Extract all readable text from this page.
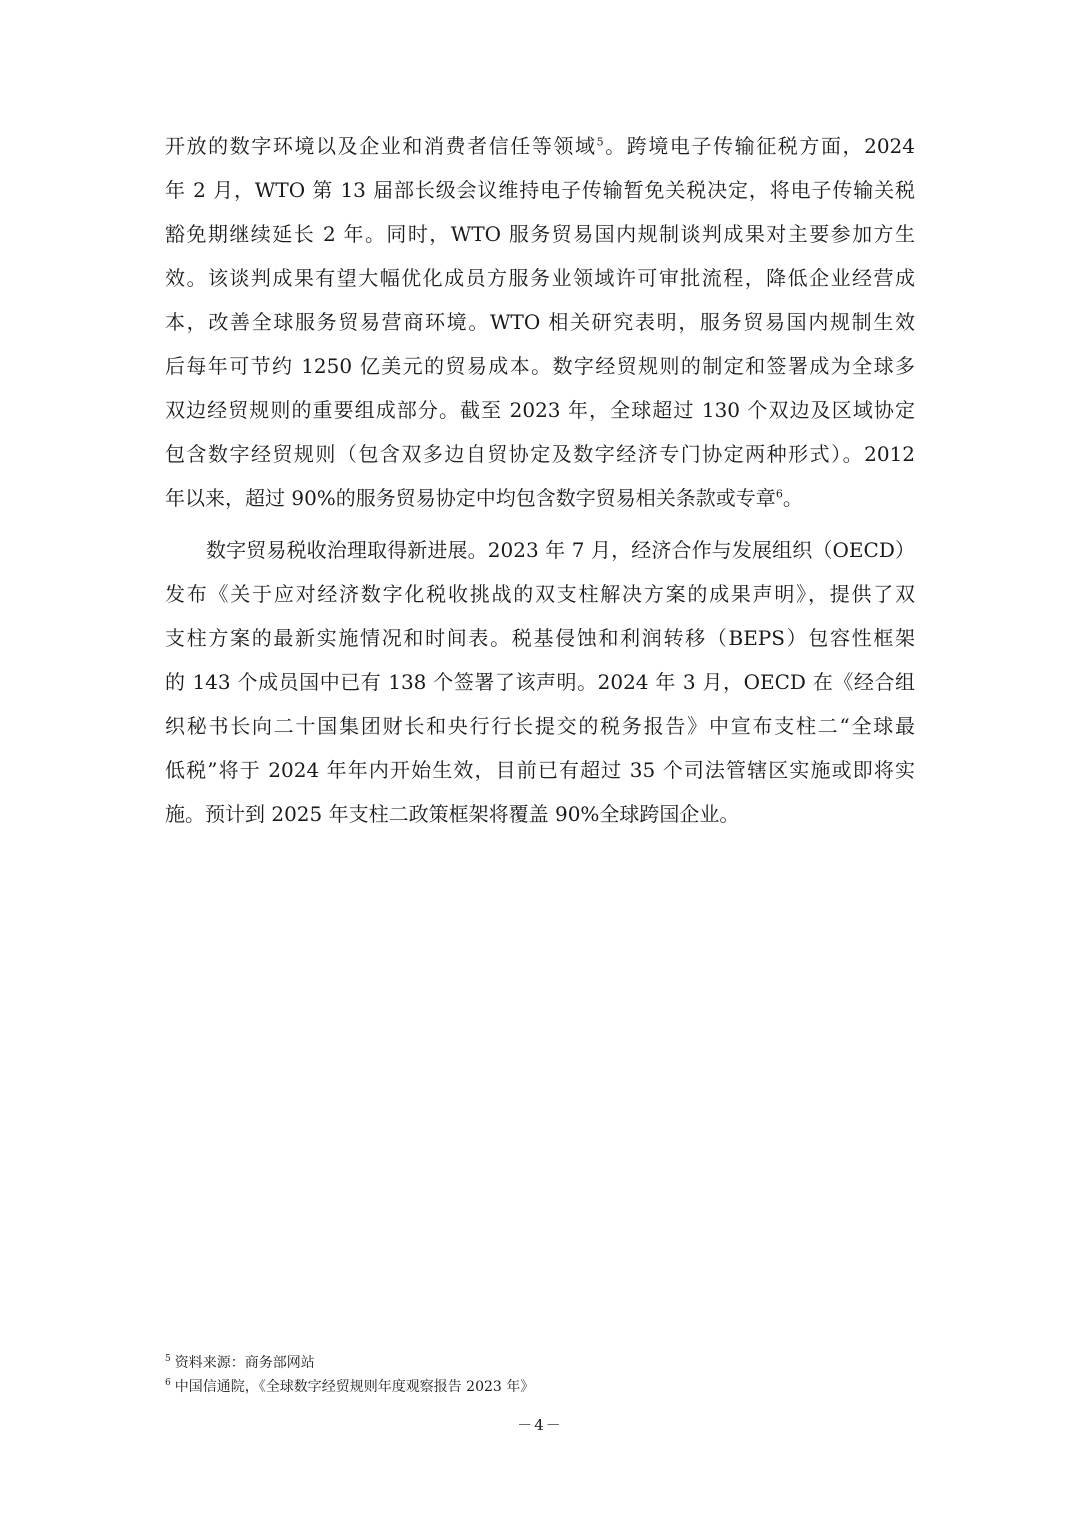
开放的数字环境以及企业和消费者信任等领域$^5$。跨境电子传输征税方面，2024
年 2 月，WTO 第 13 届部长级会议维持电子传输暂免关税决定，将电子传输关税
豁免期继续延长 2 年。同时，WTO 服务贸易国内规制谈判成果对主要参加方生
效。该谈判成果有望大幅优化成员方服务业领域许可审批流程，降低企业经营成
本，改善全球服务贸易营商环境。WTO 相关研究表明，服务贸易国内规制生效
后每年可节约 1250 亿美元的贸易成本。数字经贸规则的制定和签署成为全球多
双边经贸规则的重要组成部分。截至 2023 年，全球超过 130 个双边及区域协定
包含数字经贸规则（包含双多边自贸协定及数字经济专门协定两种形式）。2012
年以来，超过 90%的服务贸易协定中均包含数字贸易相关条款或专章$^6$。
数字贸易税收治理取得新进展。2023 年 7 月，经济合作与发展组织（OECD）
发布《关于应对经济数字化税收挑战的双支柱解决方案的成果声明》，提供了双
支柱方案的最新实施情况和时间表。税基侵蚀和利润转移（BEPS）包容性框架
的 143 个成员国中已有 138 个签署了该声明。2024 年 3 月，OECD 在《经合组
织秘书长向二十国集团财长和央行行长提交的税务报告》中宣布支柱二“全球最
低税”将于 2024 年年内开始生效，目前已有超过 35 个司法管辖区实施或即将实
施。预计到 2025 年支柱二政策框架将覆盖 90%全球跨国企业。
$^5$ 资料来源：商务部网站
$^6$ 中国信通院，《全球数字经贸规则年度观察报告 2023 年》
－4－
